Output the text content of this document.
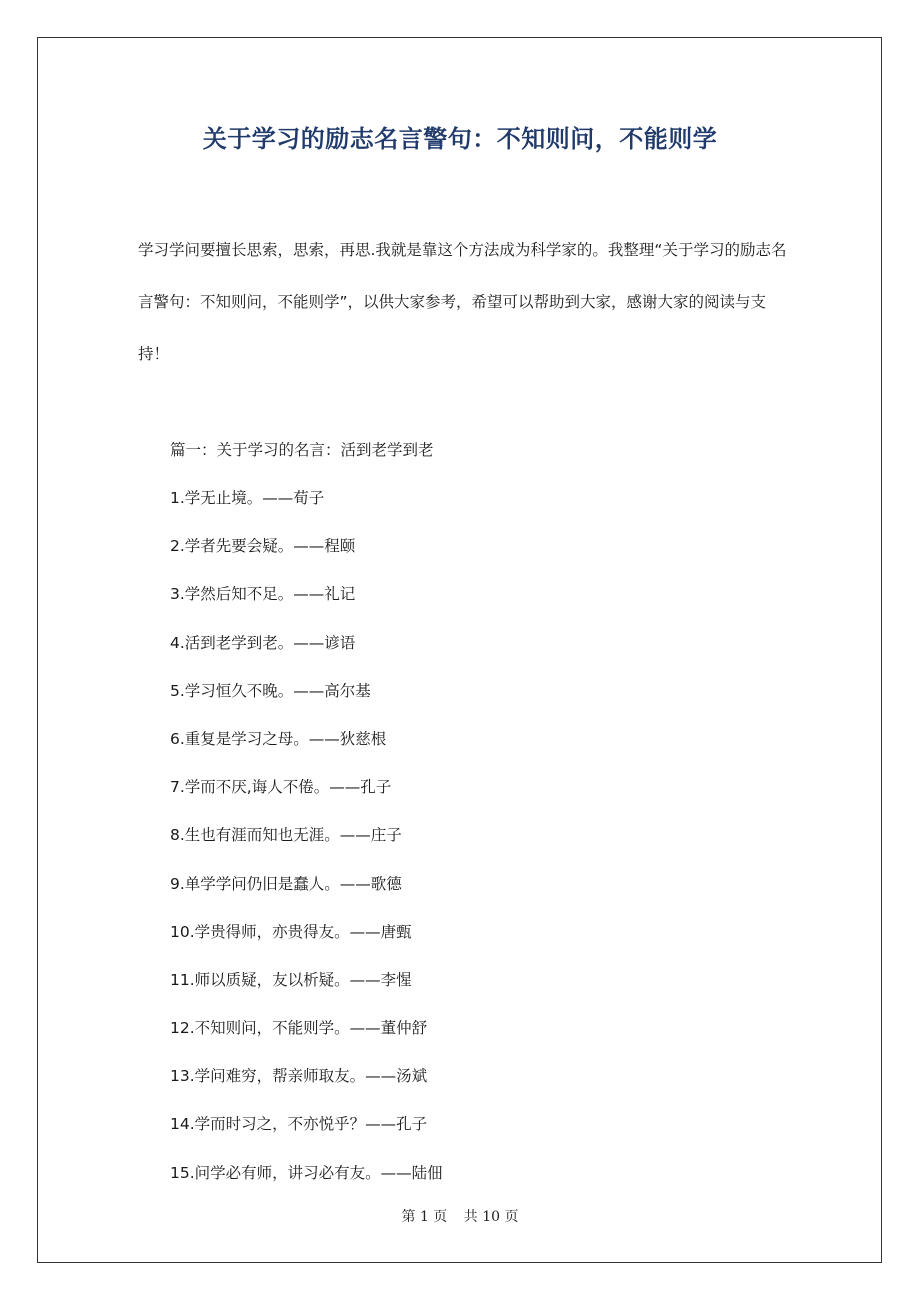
关于学习的励志名言警句：不知则问，不能则学

学习学问要擅长思索，思索，再思.我就是靠这个方法成为科学家的。我整理“关于学习的励志名言警句：不知则问，不能则学”，以供大家参考，希望可以帮助到大家，感谢大家的阅读与支持！

篇一：关于学习的名言：活到老学到老

1.学无止境。——荀子
2.学者先要会疑。——程颐
3.学然后知不足。——礼记
4.活到老学到老。——谚语
5.学习恒久不晚。——高尔基
6.重复是学习之母。——狄慈根
7.学而不厌,诲人不倦。——孔子
8.生也有涯而知也无涯。——庄子
9.单学学问仍旧是蠢人。——歌德
10.学贵得师，亦贵得友。——唐甄
11.师以质疑，友以析疑。——李惺
12.不知则问，不能则学。——董仲舒
13.学问难穷，帮亲师取友。——汤斌
14.学而时习之，不亦悦乎？——孔子
15.问学必有师，讲习必有友。——陆佃
第 1 页 共 10 页
